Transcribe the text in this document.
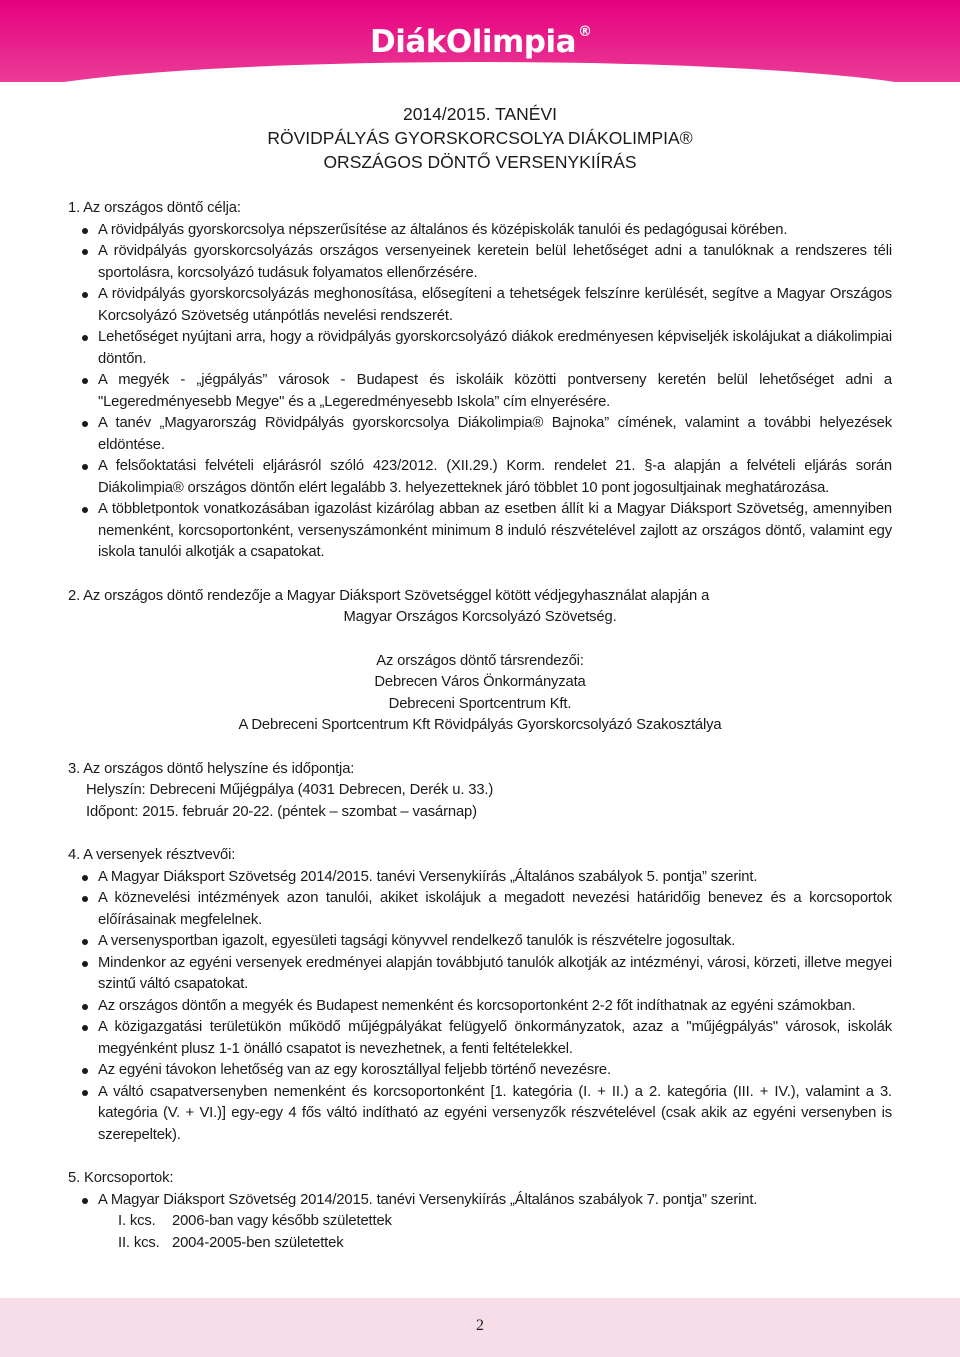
DiákOlimpia ®
2014/2015. TANÉVI
RÖVIDPÁLYÁS GYORSKORCSOLYA DIÁKOLIMPIA®
ORSZÁGOS DÖNTŐ VERSENYKIÍRÁS
1. Az országos döntő célja:
A rövidpályás gyorskorcsolya népszerűsítése az általános és középiskolák tanulói és pedagógusai körében.
A rövidpályás gyorskorcsolyázás országos versenyeinek keretein belül lehetőséget adni a tanulóknak a rendszeres téli sportolásra, korcsolyázó tudásuk folyamatos ellenőrzésére.
A rövidpályás gyorskorcsolyázás meghonosítása, elősegíteni a tehetségek felszínre kerülését, segítve a Magyar Országos Korcsolyázó Szövetség utánpótlás nevelési rendszerét.
Lehetőséget nyújtani arra, hogy a rövidpályás gyorskorcsolyázó diákok eredményesen képviseljék iskolájukat a diákolimpiai döntőn.
A megyék - „jégpályás” városok - Budapest és iskoláik közötti pontverseny keretén belül lehetőséget adni a "Legeredményesebb Megye" és a „Legeredményesebb Iskola” cím elnyerésére.
A tanév „Magyarország Rövidpályás gyorskorcsolya Diákolimpia® Bajnoka” címének, valamint a további helyezések eldöntése.
A felsőoktatási felvételi eljárásról szóló 423/2012. (XII.29.) Korm. rendelet 21. §-a alapján a felvételi eljárás során Diákolimpia® országos döntőn elért legalább 3. helyezetteknek járó többlet 10 pont jogosultjainak meghatározása.
A többletpontok vonatkozásában igazolást kizárólag abban az esetben állít ki a Magyar Diáksport Szövetség, amennyiben nemenként, korcsoportonként, versenyszámonként minimum 8 induló részvételével zajlott az országos döntő, valamint egy iskola tanulói alkotják a csapatokat.
2. Az országos döntő rendezője a Magyar Diáksport Szövetséggel kötött védjegyhasználat alapján a
Magyar Országos Korcsolyázó Szövetség.
Az országos döntő társrendezői:
Debrecen Város Önkormányzata
Debreceni Sportcentrum Kft.
A Debreceni Sportcentrum Kft Rövidpályás Gyorskorcsolyázó Szakosztálya
3. Az országos döntő helyszíne és időpontja:
Helyszín: Debreceni Műjégpálya (4031 Debrecen, Derék u. 33.)
Időpont: 2015. február 20-22. (péntek – szombat – vasárnap)
4. A versenyek résztvevői:
A Magyar Diáksport Szövetség 2014/2015. tanévi Versenykiírás „Általános szabályok 5. pontja” szerint.
A köznevelési intézmények azon tanulói, akiket iskolájuk a megadott nevezési határidőig benevez és a korcsoportok előírásainak megfelelnek.
A versenysportban igazolt, egyesületi tagsági könyvvel rendelkező tanulók is részvételre jogosultak.
Mindenkor az egyéni versenyek eredményei alapján továbbjutó tanulók alkotják az intézményi, városi, körzeti, illetve megyei szintű váltó csapatokat.
Az országos döntőn a megyék és Budapest nemenként és korcsoportonként 2-2 főt indíthatnak az egyéni számokban.
A közigazgatási területükön működő műjégpályákat felügyelő önkormányzatok, azaz a "műjégpályás" városok, iskolák megyénként plusz 1-1 önálló csapatot is nevezhetnek, a fenti feltételekkel.
Az egyéni távokon lehetőség van az egy korosztállyal feljebb történő nevezésre.
A váltó csapatversenyben nemenként és korcsoportonként [1. kategória (I. + II.) a 2. kategória (III. + IV.), valamint a 3. kategória (V. + VI.)] egy-egy 4 fős váltó indítható az egyéni versenyzők részvételével (csak akik az egyéni versenyben is szerepeltek).
5. Korcsoportok:
A Magyar Diáksport Szövetség 2014/2015. tanévi Versenykiírás „Általános szabályok 7. pontja” szerint.
I. kcs. 2006-ban vagy később születettek
II. kcs. 2004-2005-ben születettek
2
